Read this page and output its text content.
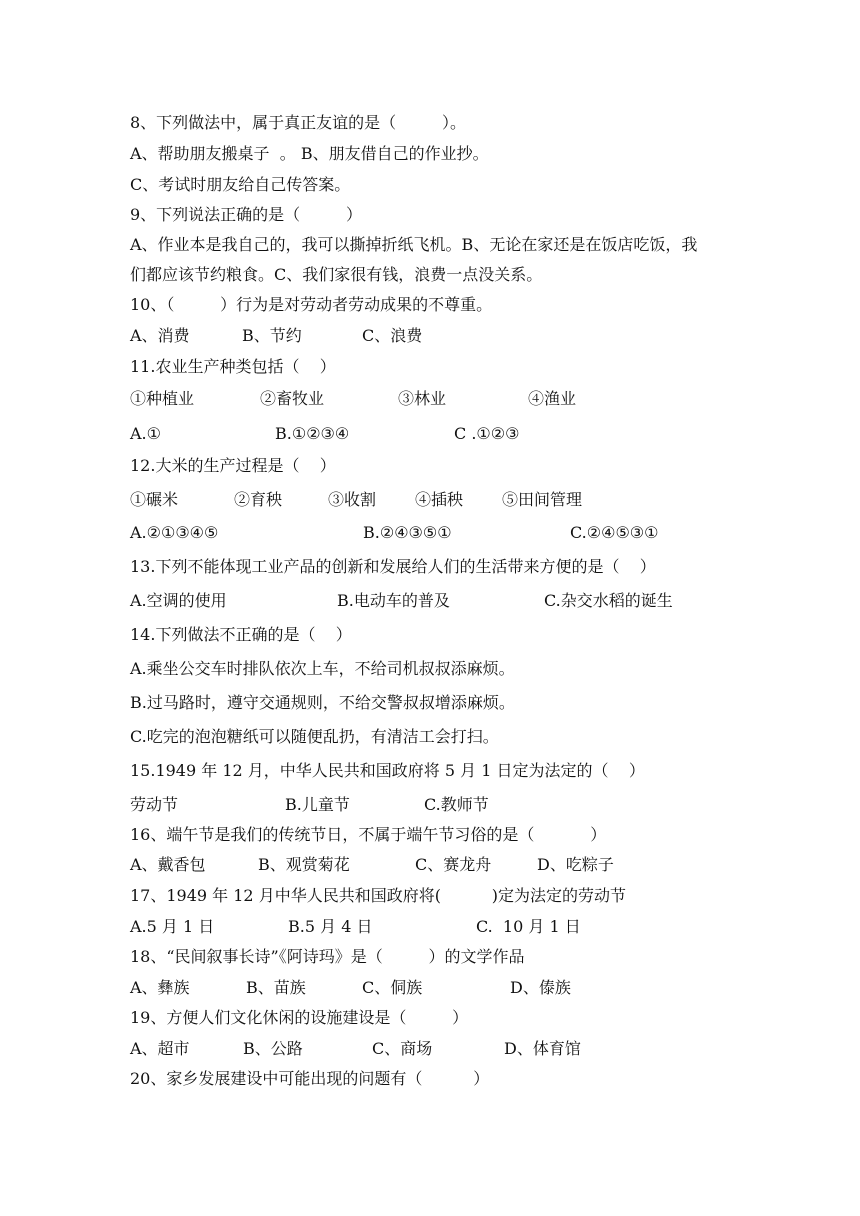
8、下列做法中，属于真正友谊的是（         ）。
A、帮助朋友搬桌子  。 B、朋友借自己的作业抄。
C、考试时朋友给自己传答案。
9、下列说法正确的是（         ）
A、作业本是我自己的，我可以撕掉折纸飞机。B、无论在家还是在饭店吃饭，我
们都应该节约粮食。C、我们家很有钱，浪费一点没关系。
10、（         ）行为是对劳动者劳动成果的不尊重。

A、消费

	B、节约

	C、浪费

11.农业生产种类包括（    ）

①种植业

	②畜牧业

	③林业

	④渔业

A.①

	B.①②③④

	C .①②③

12.大米的生产过程是（    ）

①碾米

	②育秧

	③收割

④插秧

⑤田间管理

A.②①③④⑤

	B.②④③⑤①

	C.②④⑤③①

13.下列不能体现工业产品的创新和发展给人们的生活带来方便的是（    ）

A.空调的使用

	B.电动车的普及

	C.杂交水稻的诞生

14.下列做法不正确的是（    ）
A.乘坐公交车时排队依次上车，不给司机叔叔添麻烦。
B.过马路时，遵守交通规则，不给交警叔叔增添麻烦。
C.吃完的泡泡糖纸可以随便乱扔，有清洁工会打扫。
15.1949 年 12 月，中华人民共和国政府将 5 月 1 日定为法定的（    ）

劳动节

	B.儿童节

	C.教师节

16、端午节是我们的传统节日，不属于端午节习俗的是（           ）

A、戴香包

	B、观赏菊花

	C、赛龙舟

	D、吃粽子

17、1949 年 12 月中华人民共和国政府将(          )定为法定的劳动节

A.5 月 1 日

	B.5 月 4 日

	C.  10 月 1 日

18、“民间叙事长诗”《阿诗玛》是（         ）的文学作品

A、彝族

	B、苗族

	C、侗族

	D、傣族

19、方便人们文化休闲的设施建设是（         ）

A、超市

	B、公路

	C、商场

	D、体育馆

20、家乡发展建设中可能出现的问题有（          ）
